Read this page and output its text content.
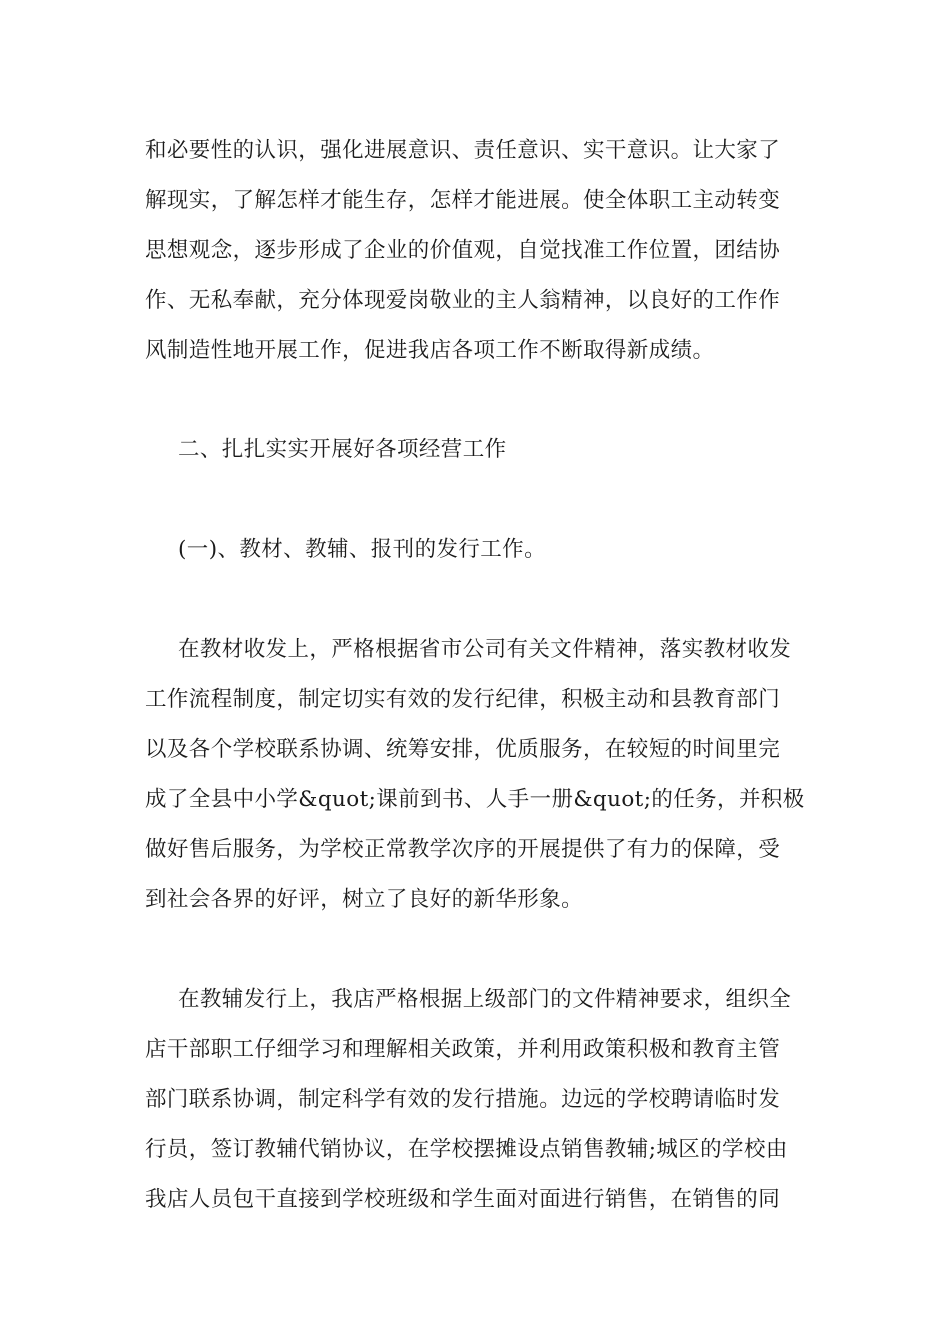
和必要性的认识，强化进展意识、责任意识、实干意识。让大家了
解现实，了解怎样才能生存，怎样才能进展。使全体职工主动转变
思想观念，逐步形成了企业的价值观，自觉找准工作位置，团结协
作、无私奉献，充分体现爱岗敬业的主人翁精神，以良好的工作作
风制造性地开展工作，促进我店各项工作不断取得新成绩。
二、扎扎实实开展好各项经营工作
(一)、教材、教辅、报刊的发行工作。
在教材收发上，严格根据省市公司有关文件精神，落实教材收发
工作流程制度，制定切实有效的发行纪律，积极主动和县教育部门
以及各个学校联系协调、统筹安排，优质服务，在较短的时间里完
成了全县中小学&quot;课前到书、人手一册&quot;的任务，并积极
做好售后服务，为学校正常教学次序的开展提供了有力的保障，受
到社会各界的好评，树立了良好的新华形象。
在教辅发行上，我店严格根据上级部门的文件精神要求，组织全
店干部职工仔细学习和理解相关政策，并利用政策积极和教育主管
部门联系协调，制定科学有效的发行措施。边远的学校聘请临时发
行员，签订教辅代销协议，在学校摆摊设点销售教辅;城区的学校由
我店人员包干直接到学校班级和学生面对面进行销售，在销售的同
